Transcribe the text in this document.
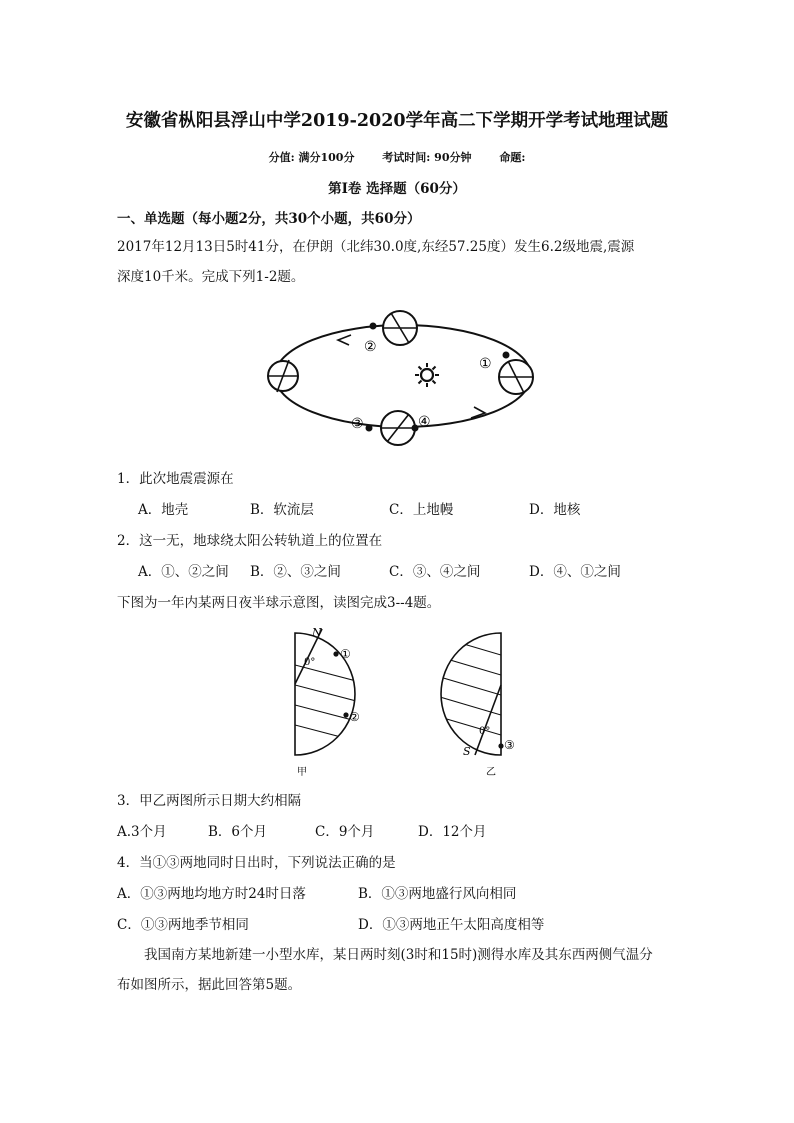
安徽省枞阳县浮山中学2019-2020学年高二下学期开学考试地理试题
分值: 满分100分	考试时间: 90分钟	命题:
第Ⅰ卷 选择题（60分）
一、单选题（每小题2分，共30个小题，共60分）
2017年12月13日5时41分，在伊朗（北纬30.0度,东经57.25度）发生6.2级地震,震源
深度10千米。完成下列1-2题。
②
①
③	④
1．此次地震震源在
A．地壳	B．软流层	C．上地幔	D．地核
2．这一无，地球绕太阳公转轨道上的位置在
A．①、②之间 B．②、③之间	C．③、④之间	D．④、①之间
下图为一年内某两日夜半球示意图，读图完成3--4题。
N
0°
①
②
甲
0°
S	③
乙
3．甲乙两图所示日期大约相隔
A.3个月	B．6个月	C．9个月	D．12个月
4．当①③两地同时日出时，下列说法正确的是
A．①③两地均地方时24时日落	B．①③两地盛行风向相同
C．①③两地季节相同	D．①③两地正午太阳高度相等
我国南方某地新建一小型水库，某日两时刻(3时和15时)测得水库及其东西两侧气温分
布如图所示，据此回答第5题。
